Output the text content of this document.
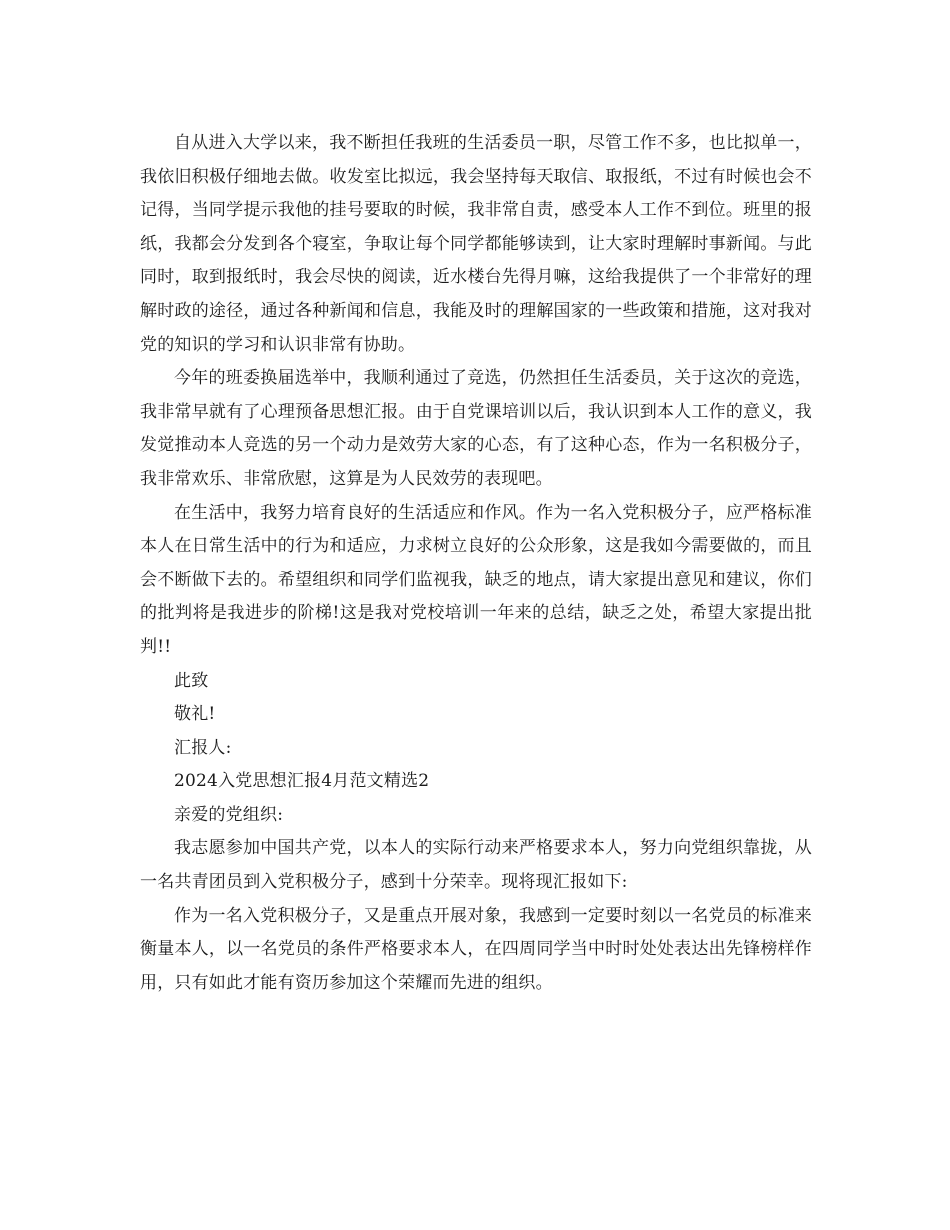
自从进入大学以来，我不断担任我班的生活委员一职，尽管工作不多，也比拟单一，我依旧积极仔细地去做。收发室比拟远，我会坚持每天取信、取报纸，不过有时候也会不记得，当同学提示我他的挂号要取的时候，我非常自责，感受本人工作不到位。班里的报纸，我都会分发到各个寝室，争取让每个同学都能够读到，让大家时理解时事新闻。与此同时，取到报纸时，我会尽快的阅读，近水楼台先得月嘛，这给我提供了一个非常好的理解时政的途径，通过各种新闻和信息，我能及时的理解国家的一些政策和措施，这对我对党的知识的学习和认识非常有协助。

今年的班委换届选举中，我顺利通过了竞选，仍然担任生活委员，关于这次的竞选，我非常早就有了心理预备思想汇报。由于自党课培训以后，我认识到本人工作的意义，我发觉推动本人竞选的另一个动力是效劳大家的心态，有了这种心态，作为一名积极分子，我非常欢乐、非常欣慰，这算是为人民效劳的表现吧。

在生活中，我努力培育良好的生活适应和作风。作为一名入党积极分子，应严格标准本人在日常生活中的行为和适应，力求树立良好的公众形象，这是我如今需要做的，而且会不断做下去的。希望组织和同学们监视我，缺乏的地点，请大家提出意见和建议，你们的批判将是我进步的阶梯!这是我对党校培训一年来的总结，缺乏之处，希望大家提出批判!!

此致

敬礼!

汇报人:

2024入党思想汇报4月范文精选2

亲爱的党组织:

我志愿参加中国共产党，以本人的实际行动来严格要求本人，努力向党组织靠拢，从一名共青团员到入党积极分子，感到十分荣幸。现将现汇报如下:

作为一名入党积极分子，又是重点开展对象，我感到一定要时刻以一名党员的标准来衡量本人，以一名党员的条件严格要求本人，在四周同学当中时时处处表达出先锋榜样作用，只有如此才能有资历参加这个荣耀而先进的组织。
